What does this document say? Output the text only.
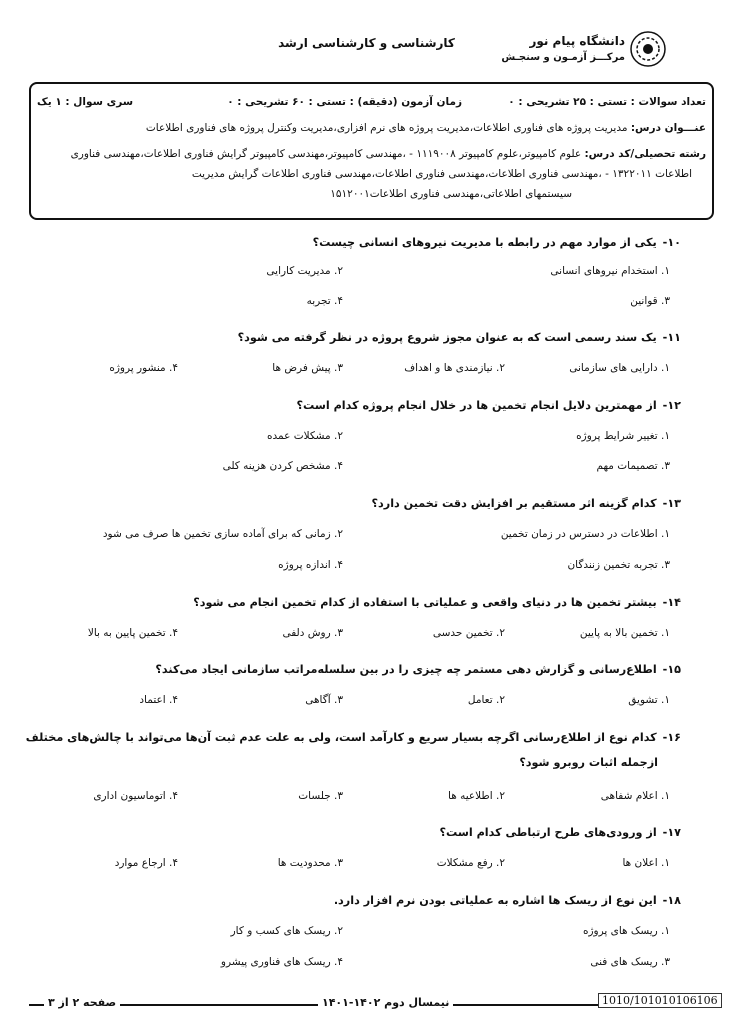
کارشناسی و کارشناسی ارشد	دانشگاه پیام نور
مرکـــز آزمـون و سنجـش
تعداد سوالات : تستی : ۲۵ تشریحی : ۰
زمان آزمون (دقیقه) : تستی : ۶۰ تشریحی : ۰
سری سوال : ۱ یک
عنـــوان درس: مدیریت پروژه های فناوری اطلاعات،مدیریت پروژه های نرم افزاری،مدیریت وکنترل پروژه های فناوری اطلاعات
رشته تحصیلی/کد درس: علوم کامپیوتر،علوم کامپیوتر ۱۱۱۹۰۰۸ - ،مهندسی کامپیوتر،مهندسی کامپیوتر گرایش فناوری اطلاعات،مهندسی فناوری
اطلاعات ۱۳۲۲۰۱۱ - ،مهندسی فناوری اطلاعات،مهندسی فناوری اطلاعات،مهندسی فناوری اطلاعات گرایش مدیریت
سیستمهای اطلاعاتی،مهندسی فناوری اطلاعات۱۵۱۲۰۰۱
۱۰-یکی از موارد مهم در رابطه با مدیریت نیروهای انسانی چیست؟
۱. استخدام نیروهای انسانی
۲. مدیریت کارایی
۳. قوانین
۴. تجربه
۱۱-یک سند رسمی است که به عنوان مجوز شروع پروژه در نظر گرفته می شود؟
۱. دارایی های سازمانی
۲. نیازمندی ها و اهداف
۳. پیش فرض ها
۴. منشور پروژه
۱۲-از مهمترین دلایل انجام تخمین ها در خلال انجام پروژه کدام است؟
۱. تغییر شرایط پروژه
۲. مشکلات عمده
۳. تصمیمات مهم
۴. مشخص کردن هزینه کلی
۱۳-کدام گزینه اثر مستقیم بر افزایش دقت تخمین دارد؟
۱. اطلاعات در دسترس در زمان تخمین
۲. زمانی که برای آماده سازی تخمین ها صرف می شود
۳. تجربه تخمین زنندگان
۴. اندازه پروژه
۱۴-بیشتر تخمین ها در دنیای واقعی و عملیاتی با استفاده از کدام تخمین انجام می شود؟
۱. تخمین بالا به پایین
۲. تخمین حدسی
۳. روش دلفی
۴. تخمین پایین به بالا
۱۵-اطلاع‌رسانی و گزارش دهی مستمر چه چیزی را در بین سلسله‌مراتب سازمانی ایجاد می‌کند؟
۱. تشویق
۲. تعامل
۳. آگاهی
۴. اعتماد
۱۶-کدام نوع از اطلاع‌رسانی اگرچه بسیار سریع و کارآمد است، ولی به علت عدم ثبت آن‌ها می‌تواند با چالش‌های مختلف
ازجمله اثبات روبرو شود؟
۱. اعلام شفاهی
۲. اطلاعیه ها
۳. جلسات
۴. اتوماسیون اداری
۱۷-از ورودی‌های طرح ارتباطی کدام است؟
۱. اعلان ها
۲. رفع مشکلات
۳. محدودیت ها
۴. ارجاع موارد
۱۸-این نوع از ریسک ها اشاره به عملیاتی بودن نرم افزار دارد.
۱. ریسک های پروژه
۲. ریسک های کسب و کار
۳. ریسک های فنی
۴. ریسک های فناوری پیشرو
صفحه ۲ از ۳	نیمسال دوم ۱۴۰۲-۱۴۰۱	1010/101010106106
